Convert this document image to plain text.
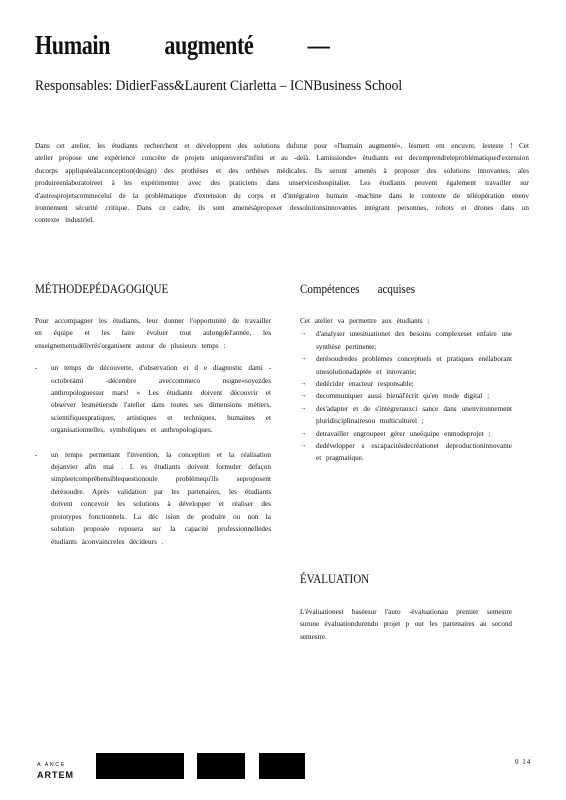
Humain augmenté —
Responsables: DidierFass&Laurent Ciarletta – ICNBusiness School
Dans cet atelier, les étudiants recherchent et développent des solutions dufutur pour «l'humain augmenté», lesmett ent encuvre, lestestе ! Cet atelier propose une expérience concrète de projets uniquesversl'infini et au -delà. Lamissionde« étudiants est decomprendreleproblématiqued'extension ducorps appliquéeàlaconception(design) des prothèses et des orthèses médicales. Ils seront amenés à proposer des solutions innovantes, ales produireenlaboratoireet à les expérimenter avec des praticiens dans unserviceshospitalier. Les étudiants peuvent également travailler sur d'autresprojetscommeceluí de la problématique d'extension du corps et d'intégration humain -machine dans le contexte de téléopération enenv ironnement sécurité critique. Dans ce cadre, ils sont amenésàproposer dessolutionsinnovantes intégrant personnes, robots et drones dans un contexte industriel.
MÉTHODEPÉDAGOGIQUE	Compétences acquises

Pour accompagner les étudiants, leur donner l'opportunité de travailler en équipe et les faire évoluer tout aulongdel'année, les enseignementsdélivrés'organisent autour de plusieurs temps :

- un temps de découverte, d'observation et d e diagnostic dami -octobreàmi -décembre aveccommeco nsigne«soyezdes anthropologuessur mars! » Les étudiants doivent découvrir et observer lesmétiersde l'atelier dans toutes ses dimensions métiers, scientifiquespratiques, artistiques et techniques, humaines et organisationnelles, symboliques et anthropologiques.
- un temps permettant l'invention, la conception et la réalisation dejanvier afin mai . L es étudiants doivent formuler defaçon simpleetcompréhensiblequestionoule problèmequ'ils seproposent derésoudre. Après validation par les partenaires, les étudiants doivent concevoir les solutions à développer et réaliser des prototypes fonctionnels. La déc ision de produire ou non la solution proposée reposera sur la capacité professionnelledes étudiants àconvaincreles décideurs .

Cet atelier va permettre aux étudiants :

→ d'analyser unesituationet des besoins complexeset enfaire une synthèse pertinente;
→ derésoudredes problèmes conceptuels et pratiques enélaborant unesolutionadaptée et innovante;
→ dedécider enacteur responsable;
→ decommuniquer aussi bienàl'écrit qu'en mode digital ;
→ des'adapter et de s'intégrerauxci sance dans unenvironnement pluridisciplinairesou multiculturel ;
→ detravailler engroupeet gérer uneéquipe enmodeprojet ;
→ dedévelopper s escapacitésdecréationet deproductioninnovante et pragmatique.
ÉVALUATION
L'évaluationest baséesur l'auto -évaluationau premier semestre surune évaluationdurendu projet p our les partenaires au second semestre.
A ANCE
ARTEM
0 14
